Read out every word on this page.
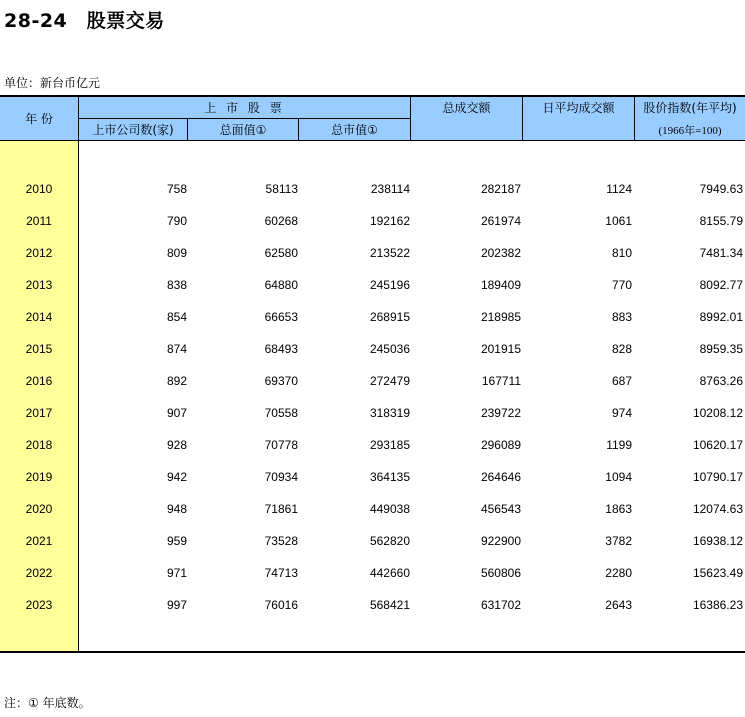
28-24　股票交易
单位：新台币亿元
年 份
上 市 股 票
上市公司数(家)	总面值①	总市值①
总成交额	日平均成交额	股价指数(年平均)
(1966年=100)
2010	758	58113	238114	282187	1124	7949.63
2011	790	60268	192162	261974	1061	8155.79
2012	809	62580	213522	202382	810	7481.34
2013	838	64880	245196	189409	770	8092.77
2014	854	66653	268915	218985	883	8992.01
2015	874	68493	245036	201915	828	8959.35
2016	892	69370	272479	167711	687	8763.26
2017	907	70558	318319	239722	974	10208.12
2018	928	70778	293185	296089	1199	10620.17
2019	942	70934	364135	264646	1094	10790.17
2020	948	71861	449038	456543	1863	12074.63
2021	959	73528	562820	922900	3782	16938.12
2022	971	74713	442660	560806	2280	15623.49
2023	997	76016	568421	631702	2643	16386.23
注：① 年底数。
